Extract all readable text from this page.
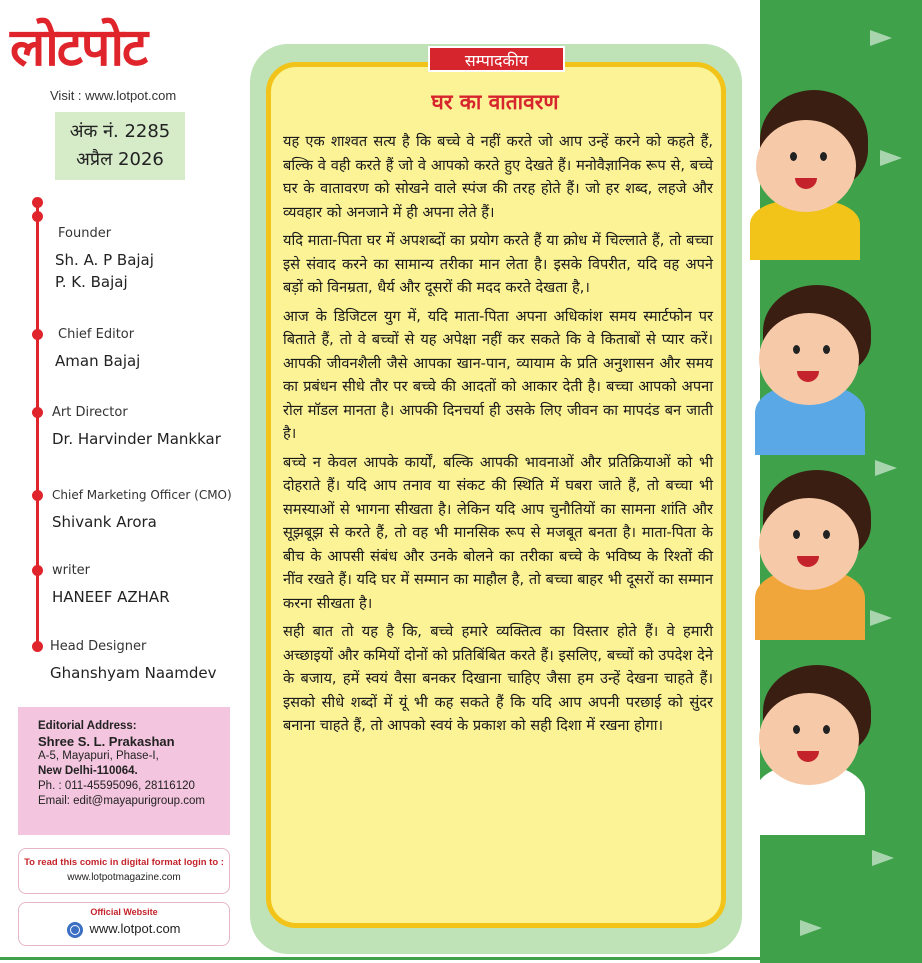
लोटपोट
Visit : www.lotpot.com
अंक नं. 2285
अप्रैल 2026
Founder
Sh. A. P Bajaj
P. K. Bajaj
Chief Editor
Aman Bajaj
Art Director
Dr. Harvinder Mankkar
Chief Marketing Officer (CMO)
Shivank Arora
writer
HANEEF AZHAR
Head Designer
Ghanshyam Naamdev
Editorial Address:
Shree S. L. Prakashan
A-5, Mayapuri, Phase-I,
New Delhi-110064.
Ph. : 011-45595096, 28116120
Email: edit@mayapurigroup.com
To read this comic in digital format login to :
www.lotpotmagazine.com
Official Website
www.lotpot.com
सम्पादकीय
घर का वातावरण

यह एक शाश्वत सत्य है कि बच्चे वे नहीं करते जो आप उन्हें करने को कहते हैं, बल्कि वे वही करते हैं जो वे आपको करते हुए देखते हैं। मनोवैज्ञानिक रूप से, बच्चे घर के वातावरण को सोखने वाले स्पंज की तरह होते हैं। जो हर शब्द, लहजे और व्यवहार को अनजाने में ही अपना लेते हैं।

यदि माता-पिता घर में अपशब्दों का प्रयोग करते हैं या क्रोध में चिल्लाते हैं, तो बच्चा इसे संवाद करने का सामान्य तरीका मान लेता है। इसके विपरीत, यदि वह अपने बड़ों को विनम्रता, धैर्य और दूसरों की मदद करते देखता है,।

आज के डिजिटल युग में, यदि माता-पिता अपना अधिकांश समय स्मार्टफोन पर बिताते हैं, तो वे बच्चों से यह अपेक्षा नहीं कर सकते कि वे किताबों से प्यार करें। आपकी जीवनशैली जैसे आपका खान-पान, व्यायाम के प्रति अनुशासन और समय का प्रबंधन सीधे तौर पर बच्चे की आदतों को आकार देती है। बच्चा आपको अपना रोल मॉडल मानता है। आपकी दिनचर्या ही उसके लिए जीवन का मापदंड बन जाती है।

बच्चे न केवल आपके कार्यों, बल्कि आपकी भावनाओं और प्रतिक्रियाओं को भी दोहराते हैं। यदि आप तनाव या संकट की स्थिति में घबरा जाते हैं, तो बच्चा भी समस्याओं से भागना सीखता है। लेकिन यदि आप चुनौतियों का सामना शांति और सूझबूझ से करते हैं, तो वह भी मानसिक रूप से मजबूत बनता है। माता-पिता के बीच के आपसी संबंध और उनके बोलने का तरीका बच्चे के भविष्य के रिश्तों की नींव रखते हैं। यदि घर में सम्मान का माहौल है, तो बच्चा बाहर भी दूसरों का सम्मान करना सीखता है।

सही बात तो यह है कि, बच्चे हमारे व्यक्तित्व का विस्तार होते हैं। वे हमारी अच्छाइयों और कमियों दोनों को प्रतिबिंबित करते हैं। इसलिए, बच्चों को उपदेश देने के बजाय, हमें स्वयं वैसा बनकर दिखाना चाहिए जैसा हम उन्हें देखना चाहते हैं। इसको सीधे शब्दों में यूं भी कह सकते हैं कि यदि आप अपनी परछाई को सुंदर बनाना चाहते हैं, तो आपको स्वयं के प्रकाश को सही दिशा में रखना होगा।
